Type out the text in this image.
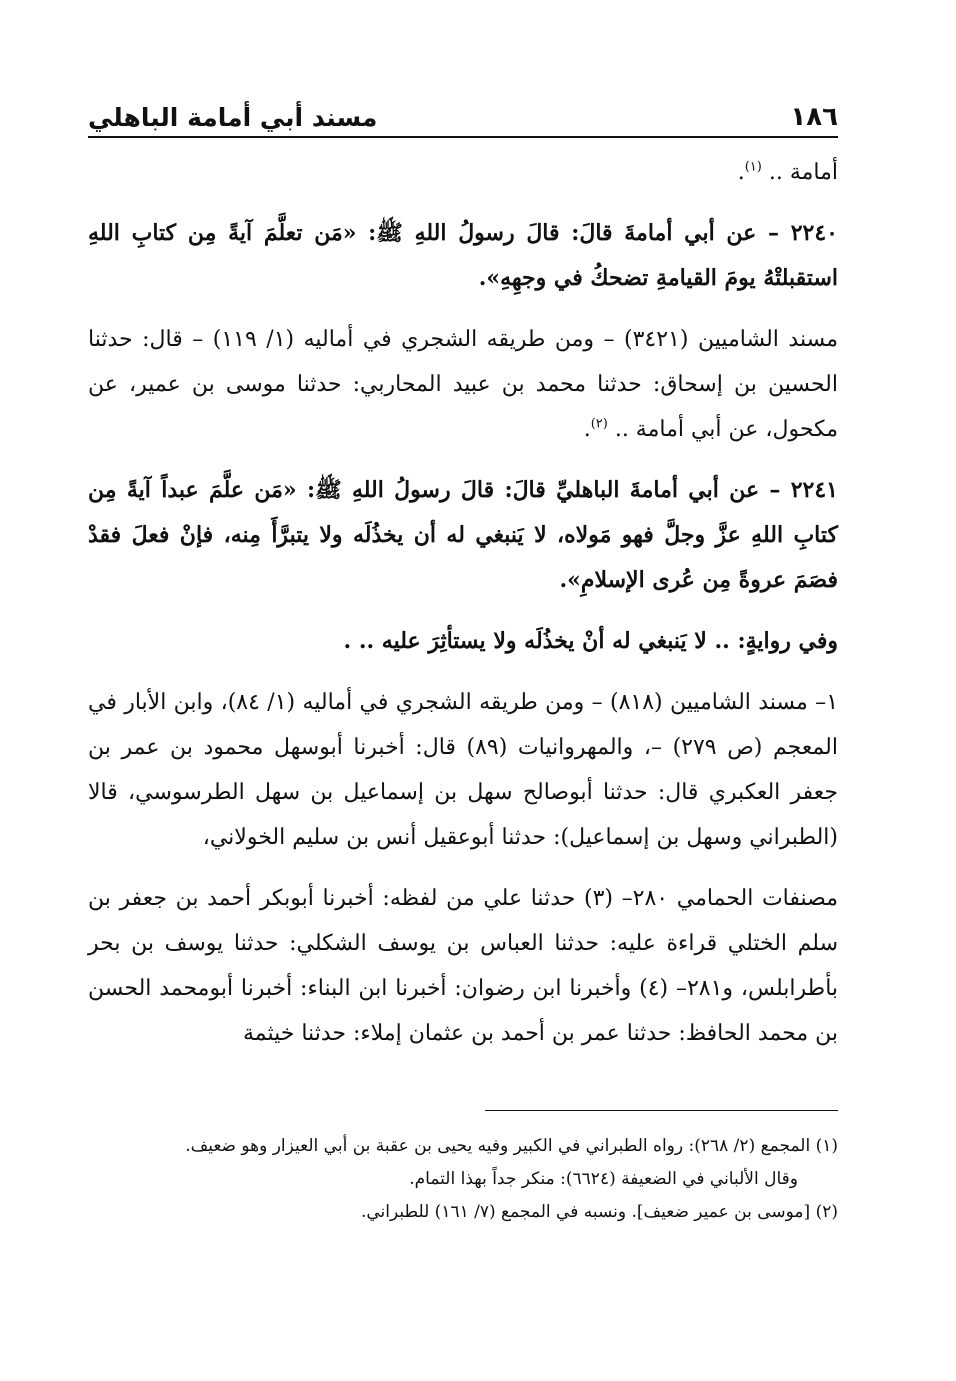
١٨٦
مسند أبي أمامة الباهلي

أمامة .. $^{(١)}$.

٢٢٤٠ – عن أبي أمامةَ قالَ: قالَ رسولُ اللهِ ﷺ: «مَن تعلَّمَ آيةً مِن كتابِ اللهِ استقبلتْهُ يومَ القيامةِ تضحكُ في وجهِهِ».

مسند الشاميين (٣٤٢١) – ومن طريقه الشجري في أماليه (١/ ١١٩) – قال: حدثنا الحسين بن إسحاق: حدثنا محمد بن عبيد المحاربي: حدثنا موسى بن عمير، عن مكحول، عن أبي أمامة .. $^{(٢)}$.

٢٢٤١ – عن أبي أمامةَ الباهليِّ قالَ: قالَ رسولُ اللهِ ﷺ: «مَن علَّمَ عبداً آيةً مِن كتابِ اللهِ عزَّ وجلَّ فهو مَولاه، لا يَنبغي له أن يخذُلَه ولا يتبرَّأَ مِنه، فإنْ فعلَ فقدْ فصَمَ عروةً مِن عُرى الإسلامِ».

وفي روايةٍ: .. لا يَنبغي له أنْ يخذُلَه ولا يستأثِرَ عليه .. .

١– مسند الشاميين (٨١٨) – ومن طريقه الشجري في أماليه (١/ ٨٤)، وابن الأبار في المعجم (ص ٢٧٩) –، والمهروانيات (٨٩) قال: أخبرنا أبوسهل محمود بن عمر بن جعفر العكبري قال: حدثنا أبوصالح سهل بن إسماعيل بن سهل الطرسوسي، قالا (الطبراني وسهل بن إسماعيل): حدثنا أبوعقيل أنس بن سليم الخولاني،

مصنفات الحمامي ٢٨٠– (٣) حدثنا علي من لفظه: أخبرنا أبوبكر أحمد بن جعفر بن سلم الختلي قراءة عليه: حدثنا العباس بن يوسف الشكلي: حدثنا يوسف بن بحر بأطرابلس، و٢٨١– (٤) وأخبرنا ابن رضوان: أخبرنا ابن البناء: أخبرنا أبومحمد الحسن بن محمد الحافظ: حدثنا عمر بن أحمد بن عثمان إملاء: حدثنا خيثمة

(١) المجمع (٢/ ٢٦٨): رواه الطبراني في الكبير وفيه يحيى بن عقبة بن أبي العيزار وهو ضعيف.

وقال الألباني في الضعيفة (٦٦٢٤): منكر جداً بهذا التمام.

(٢) [موسى بن عمير ضعيف]. ونسبه في المجمع (٧/ ١٦١) للطبراني.
